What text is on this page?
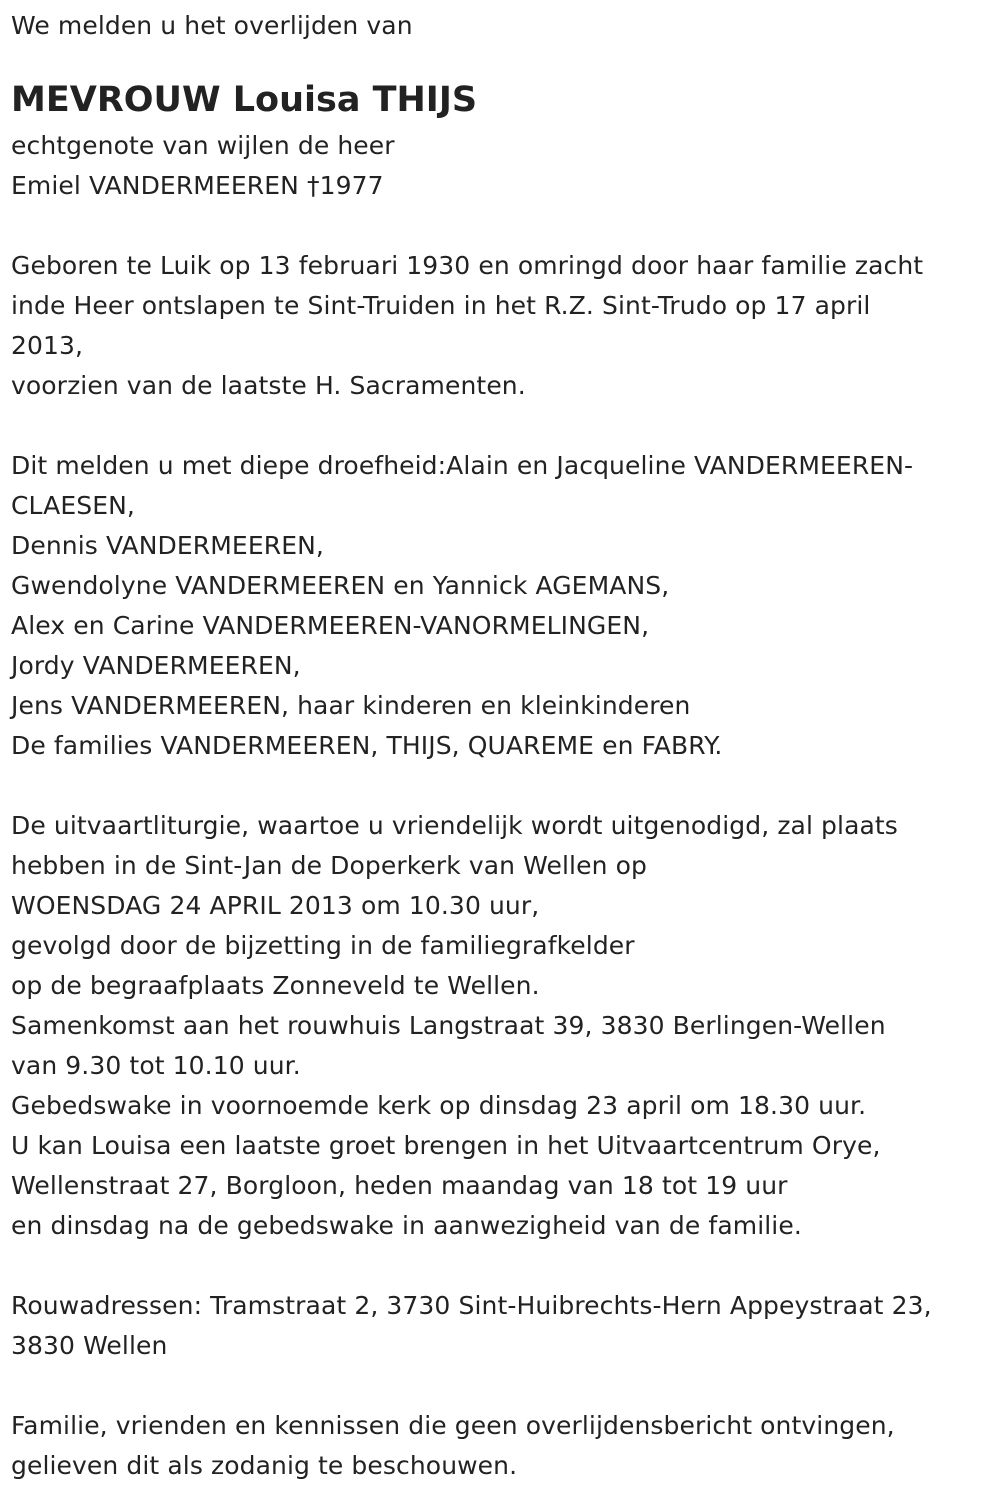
We melden u het overlijden van
MEVROUW Louisa THIJS
echtgenote van wijlen de heer
Emiel VANDERMEEREN †1977
Geboren te Luik op 13 februari 1930 en omringd door haar familie zacht
inde Heer ontslapen te Sint-Truiden in het R.Z. Sint-Trudo op 17 april
2013,
voorzien van de laatste H. Sacramenten.
Dit melden u met diepe droefheid:Alain en Jacqueline VANDERMEEREN-
CLAESEN,
Dennis VANDERMEEREN,
Gwendolyne VANDERMEEREN en Yannick AGEMANS,
Alex en Carine VANDERMEEREN-VANORMELINGEN,
Jordy VANDERMEEREN,
Jens VANDERMEEREN, haar kinderen en kleinkinderen
De families VANDERMEEREN, THIJS, QUAREME en FABRY.
De uitvaartliturgie, waartoe u vriendelijk wordt uitgenodigd, zal plaats
hebben in de Sint-Jan de Doperkerk van Wellen op
WOENSDAG 24 APRIL 2013 om 10.30 uur,
gevolgd door de bijzetting in de familiegrafkelder
op de begraafplaats Zonneveld te Wellen.
Samenkomst aan het rouwhuis Langstraat 39, 3830 Berlingen-Wellen
van 9.30 tot 10.10 uur.
Gebedswake in voornoemde kerk op dinsdag 23 april om 18.30 uur.
U kan Louisa een laatste groet brengen in het Uitvaartcentrum Orye,
Wellenstraat 27, Borgloon, heden maandag van 18 tot 19 uur
en dinsdag na de gebedswake in aanwezigheid van de familie.
Rouwadressen: Tramstraat 2, 3730 Sint-Huibrechts-Hern Appeystraat 23,
3830 Wellen
Familie, vrienden en kennissen die geen overlijdensbericht ontvingen,
gelieven dit als zodanig te beschouwen.
